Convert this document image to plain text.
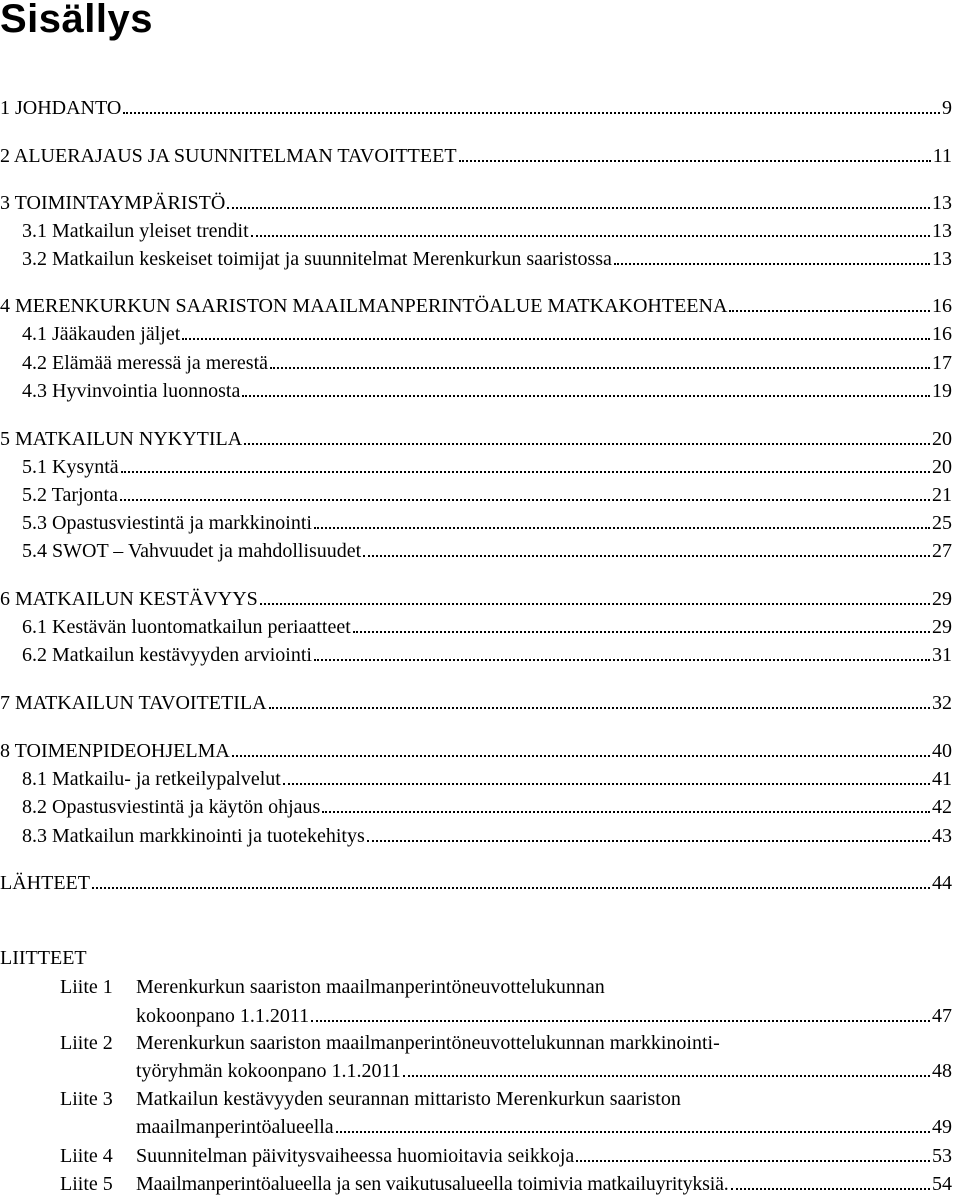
Sisällys
1 JOHDANTO	9
2 ALUERAJAUS JA SUUNNITELMAN TAVOITTEET	11
3 TOIMINTAYMPÄRISTÖ	13
3.1 Matkailun yleiset trendit	13
3.2 Matkailun keskeiset toimijat ja suunnitelmat Merenkurkun saaristossa	13
4 MERENKURKUN SAARISTON MAAILMANPERINTÖALUE MATKAKOHTEENA	16
4.1 Jääkauden jäljet	16
4.2 Elämää meressä ja merestä	17
4.3 Hyvinvointia luonnosta	19
5 MATKAILUN NYKYTILA	20
5.1 Kysyntä	20
5.2 Tarjonta	21
5.3 Opastusviestintä ja markkinointi	25
5.4 SWOT – Vahvuudet ja mahdollisuudet	27
6 MATKAILUN KESTÄVYYS	29
6.1 Kestävän luontomatkailun periaatteet	29
6.2 Matkailun kestävyyden arviointi	31
7 MATKAILUN TAVOITETILA	32
8 TOIMENPIDEOHJELMA	40
8.1 Matkailu- ja retkeilypalvelut	41
8.2 Opastusviestintä ja käytön ohjaus	42
8.3 Matkailun markkinointi ja tuotekehitys	43
LÄHTEET	44
LIITTEET
Liite 1 Merenkurkun saariston maailmanperintöneuvottelukunnan
kokoonpano 1.1.2011	47
Liite 2 Merenkurkun saariston maailmanperintöneuvottelukunnan markkinointi-
työryhmän kokoonpano 1.1.2011	48
Liite 3 Matkailun kestävyyden seurannan mittaristo Merenkurkun saariston
maailmanperintöalueella	49
Liite 4 Suunnitelman päivitysvaiheessa huomioitavia seikkoja	53
Liite 5 Maailmanperintöalueella ja sen vaikutusalueella toimivia matkailuyrityksiä.	54
